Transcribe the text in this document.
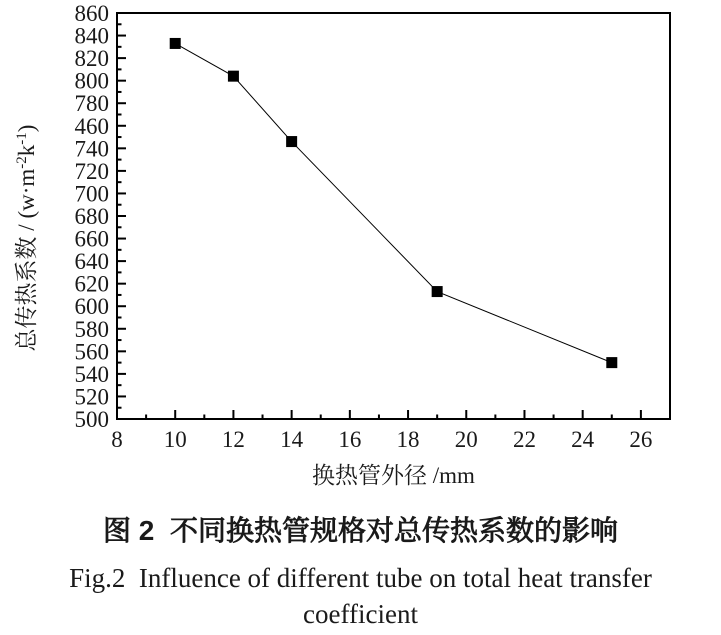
860
840
820
800
780
460
740
720
700
680
660
640
620
600
580
560
540
520
500
8 10 12 14 16 18 20 22 24 26
换热管外径 /mm
总传热系数 / $(w\cdot m^{-2}k^{-1})$
图 2  不同换热管规格对总传热系数的影响
Fig.2  Influence of different tube on total heat transfer
coefficient
